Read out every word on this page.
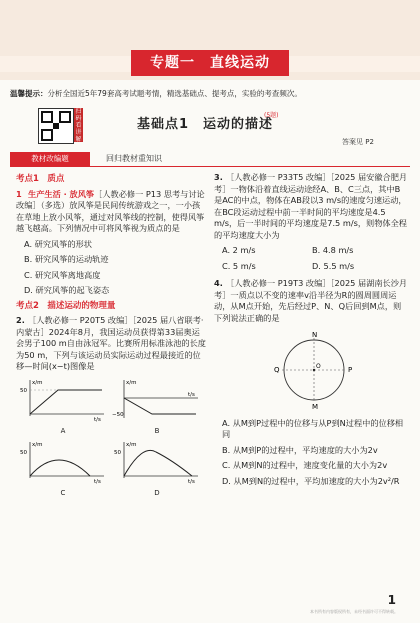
专题一　直线运动
温馨提示：分析全国近5年79套高考试题考情，精选基础点、提考点，实验的考查频次。
扫码看讲解
基础点1　运动的描述
(5题)
答案见 P2
教材改编题	回归教材重知识
考点1　质点
1 生产生活 · 放风筝［人教必修一 P13 思考与讨论改编］（多选）放风筝是民间传统游戏之一，一小孩在草地上放小风筝，通过对风筝线的控制，使得风筝越飞越高。下列情况中可将风筝视为质点的是
A. 研究风筝的形状
B. 研究风筝的运动轨迹
C. 研究风筝离地高度
D. 研究风筝的起飞姿态
考点2　描述运动的物理量
2. ［人教必修一 P20T5 改编］［2025 届八省联考·内蒙古］2024年8月，我国运动员获得第33届奥运会男子100 m自由泳冠军。比赛所用标准泳池的长度为50 m，下列与该运动员实际运动过程最接近的位移—时间(x−t)图像是
50
x/m
t/s
A
−50
x/m
t/s
B
50
x/m
t/s
C
50
x/m
t/s
D
3. ［人教必修一 P33T5 改编］［2025 届安徽合肥月考］一物体沿着直线运动途经A、B、C三点，其中B是AC的中点，物体在AB段以3 m/s的速度匀速运动，在BC段运动过程中前一半时间的平均速度是4.5 m/s，后一半时间的平均速度是7.5 m/s，则物体全程的平均速度大小为
A. 2 m/s	B. 4.8 m/s
C. 5 m/s	D. 5.5 m/s
4. ［人教必修一 P19T3 改编］［2025 届湖南长沙月考］一质点以不变的速率v沿半径为R的圆周圆周运动，从M点开始，先后经过P、N、Q后回到M点，则下列说法正确的是
O
N
M
P
Q
A. 从M到P过程中的位移与从P到N过程中的位移相同
B. 从M到P的过程中，平均速度的大小为2v
C. 从M到N的过程中，速度变化量的大小为2v
D. 从M到N的过程中，平均加速度的大小为2v²/R
1
本书所有内容版权所有，未经书面许可不得转载。
